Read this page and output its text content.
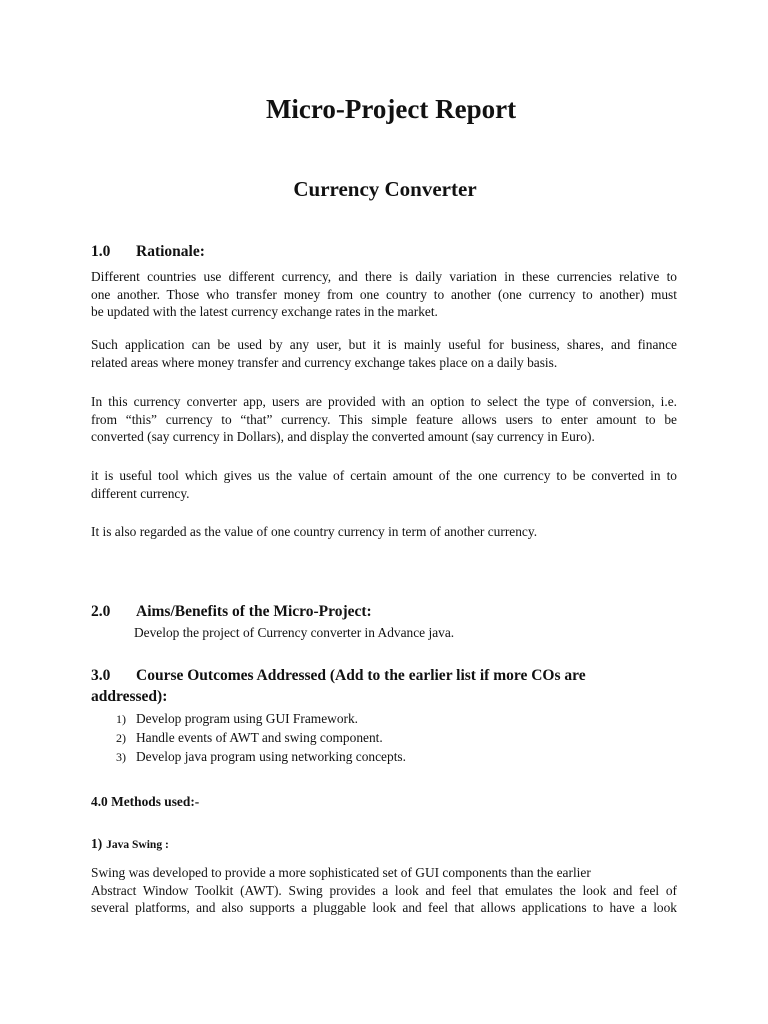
Micro-Project Report
Currency Converter
1.0 Rationale:
Different countries use different currency, and there is daily variation in these currencies relative to
one another. Those who transfer money from one country to another (one currency to another) must
be updated with the latest currency exchange rates in the market.
Such application can be used by any user, but it is mainly useful for business, shares, and finance
related areas where money transfer and currency exchange takes place on a daily basis.
In this currency converter app, users are provided with an option to select the type of conversion, i.e.
from “this” currency to “that” currency. This simple feature allows users to enter amount to be
converted (say currency in Dollars), and display the converted amount (say currency in Euro).
it is useful tool which gives us the value of certain amount of the one currency to be converted in to
different currency.
It is also regarded as the value of one country currency in term of another currency.
2.0 Aims/Benefits of the Micro-Project:
Develop the project of Currency converter in Advance java.
3.0 Course Outcomes Addressed (Add to the earlier list if more COs are
addressed):
1) Develop program using GUI Framework.
2) Handle events of AWT and swing component.
3) Develop java program using networking concepts.
4.0 Methods used:-
1) Java Swing :
Swing was developed to provide a more sophisticated set of GUI components than the earlier
Abstract Window Toolkit (AWT). Swing provides a look and feel that emulates the look and feel of
several platforms, and also supports a pluggable look and feel that allows applications to have a look
